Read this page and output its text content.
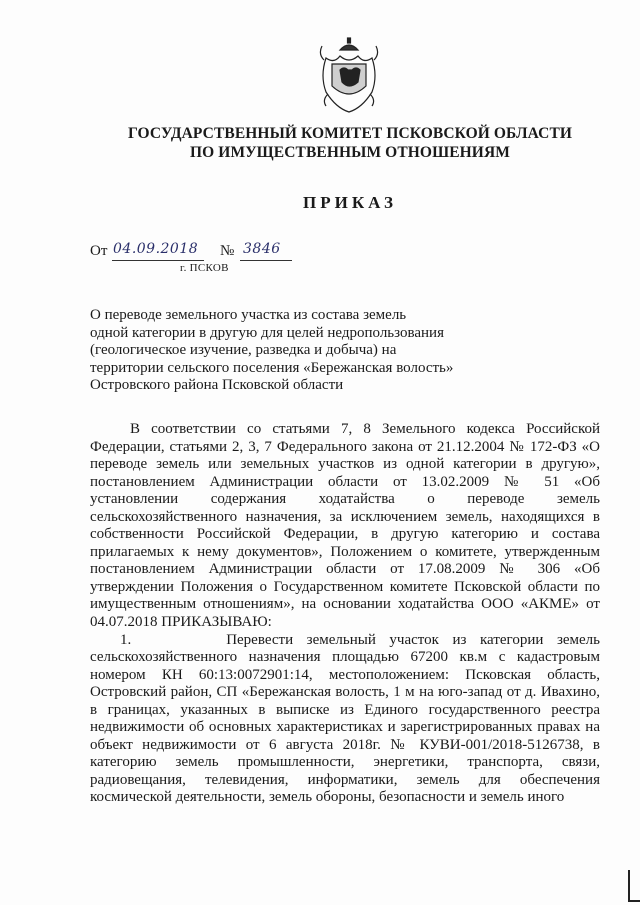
ГОСУДАРСТВЕННЫЙ КОМИТЕТ ПСКОВСКОЙ ОБЛАСТИ
ПО ИМУЩЕСТВЕННЫМ ОТНОШЕНИЯМ
ПРИКАЗ
От 04.09.2018 № 3846
г. ПСКОВ
О переводе земельного участка из состава земель
одной категории в другую для целей недропользования
(геологическое изучение, разведка и добыча) на
территории сельского поселения «Бережанская волость»
Островского района Псковской области

В соответствии со статьями 7, 8 Земельного кодекса Российской Федерации, статьями 2, 3, 7 Федерального закона от 21.12.2004 № 172-ФЗ «О переводе земель или земельных участков из одной категории в другую», постановлением Администрации области от 13.02.2009 № 51 «Об установлении содержания ходатайства о переводе земель сельскохозяйственного назначения, за исключением земель, находящихся в собственности Российской Федерации, в другую категорию и состава прилагаемых к нему документов», Положением о комитете, утвержденным постановлением Администрации области от 17.08.2009 № 306 «Об утверждении Положения о Государственном комитете Псковской области по имущественным отношениям», на основании ходатайства ООО «АКМЕ» от 04.07.2018 ПРИКАЗЫВАЮ:

1.       Перевести земельный участок из категории земель сельскохозяйственного назначения площадью 67200 кв.м с кадастровым номером КН 60:13:0072901:14, местоположением: Псковская область, Островский район, СП «Бережанская волость, 1 м на юго-запад от д. Ивахино, в границах, указанных в выписке из Единого государственного реестра недвижимости об основных характеристиках и зарегистрированных правах на объект недвижимости от 6 августа 2018г. № КУВИ-001/2018-5126738, в категорию земель промышленности, энергетики, транспорта, связи, радиовещания, телевидения, информатики, земель для обеспечения космической деятельности, земель обороны, безопасности и земель иного
